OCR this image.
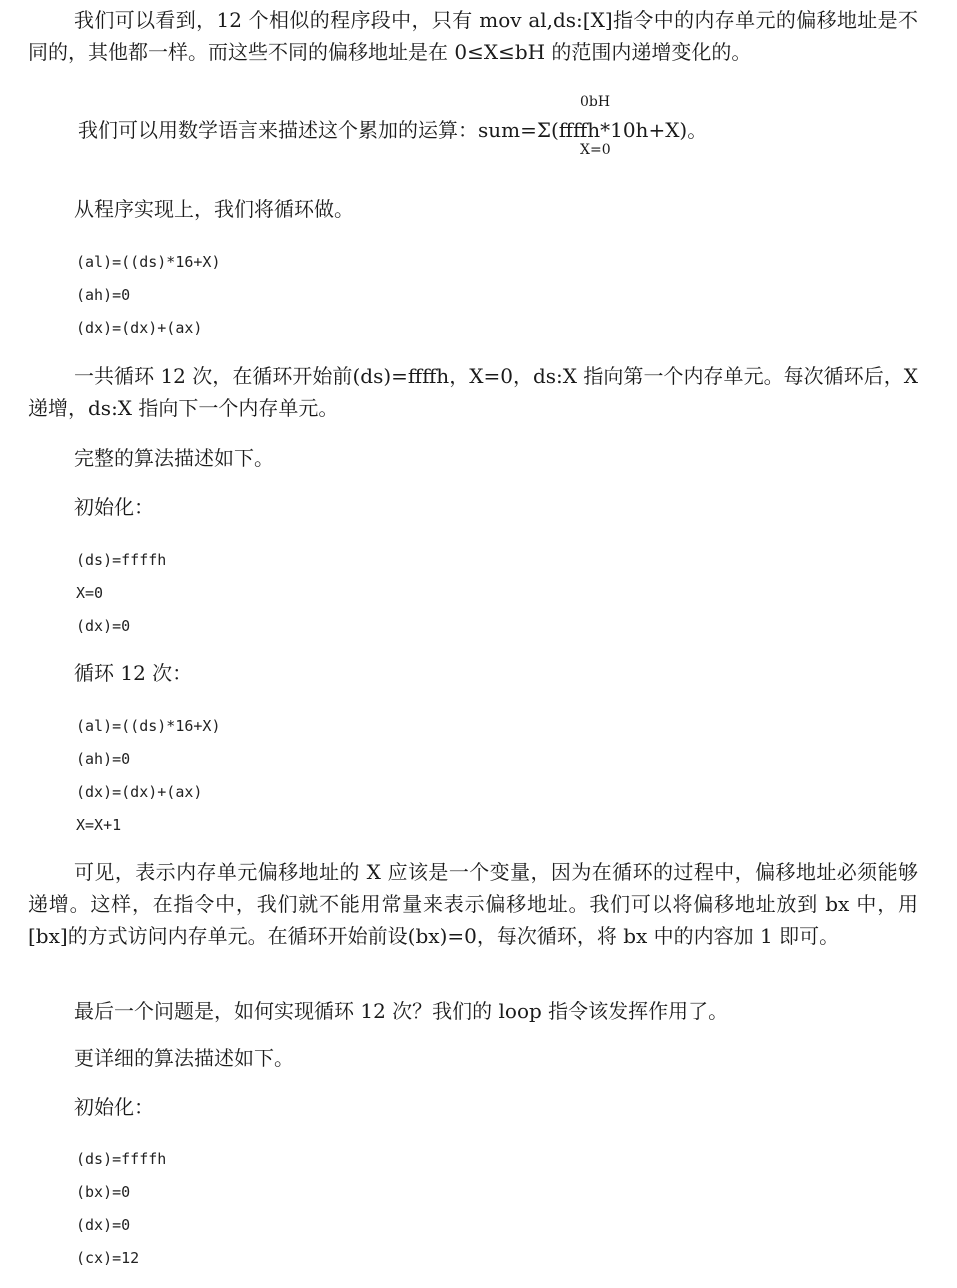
我们可以看到，12 个相似的程序段中，只有 mov al,ds:[X]指令中的内存单元的偏移地址是不同的，其他都一样。而这些不同的偏移地址是在 0≤X≤bH 的范围内递增变化的。
0bH
我们可以用数学语言来描述这个累加的运算：sum=Σ(ffffh*10h+X)。
X=0
从程序实现上，我们将循环做。
(al)=((ds)*16+X)
(ah)=0
(dx)=(dx)+(ax)
一共循环 12 次，在循环开始前(ds)=ffffh，X=0，ds:X 指向第一个内存单元。每次循环后，X 递增，ds:X 指向下一个内存单元。
完整的算法描述如下。
初始化：
(ds)=ffffh
X=0
(dx)=0
循环 12 次：
(al)=((ds)*16+X)
(ah)=0
(dx)=(dx)+(ax)
X=X+1
可见，表示内存单元偏移地址的 X 应该是一个变量，因为在循环的过程中，偏移地址必须能够递增。这样，在指令中，我们就不能用常量来表示偏移地址。我们可以将偏移地址放到 bx 中，用[bx]的方式访问内存单元。在循环开始前设(bx)=0，每次循环，将 bx 中的内容加 1 即可。
最后一个问题是，如何实现循环 12 次？我们的 loop 指令该发挥作用了。
更详细的算法描述如下。
初始化：
(ds)=ffffh
(bx)=0
(dx)=0
(cx)=12
